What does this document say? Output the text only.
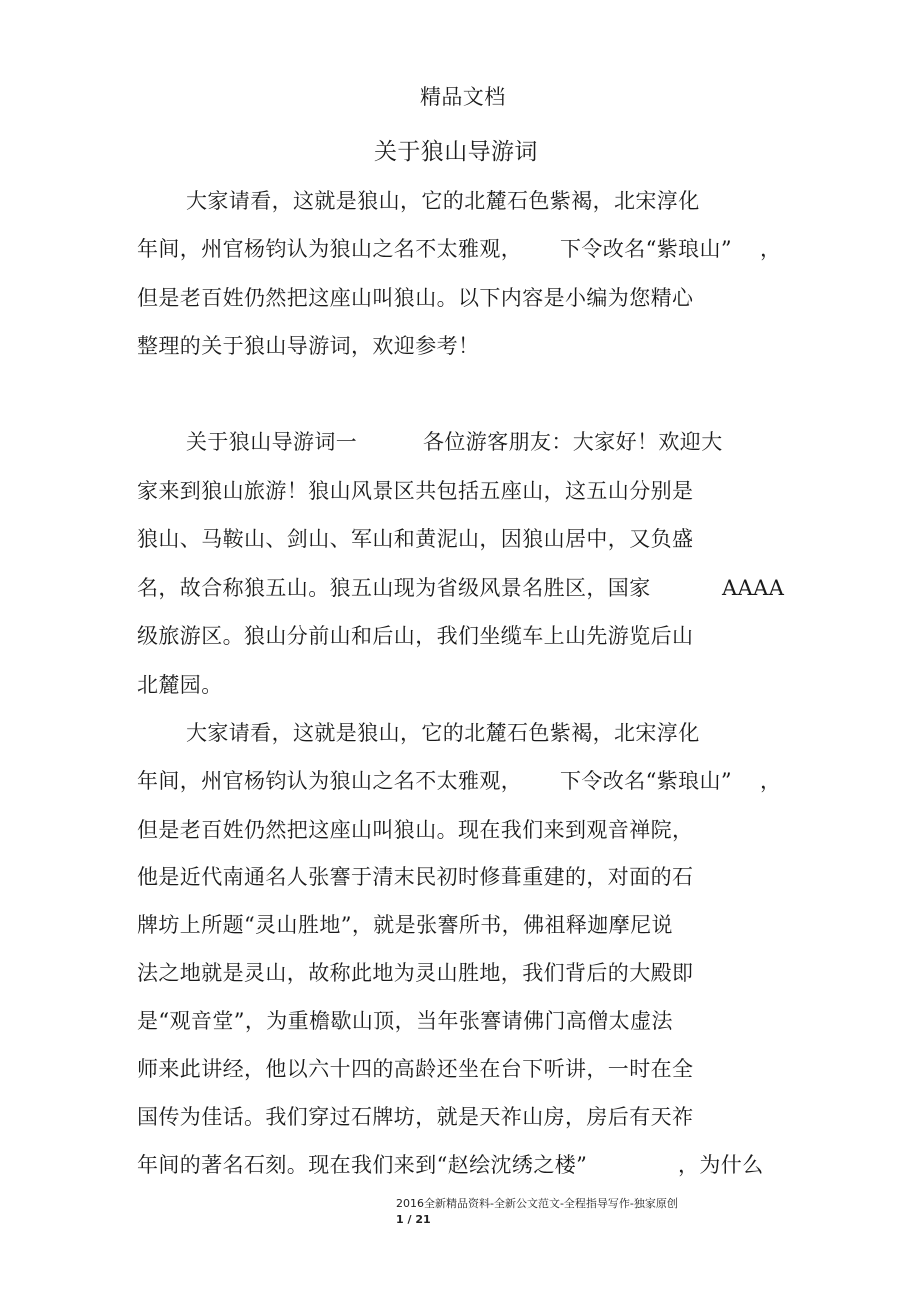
精品文档
关于狼山导游词
大家请看，这就是狼山，它的北麓石色紫褐，北宋淳化
年间，州官杨钧认为狼山之名不太雅观， 下令改名“紫琅山” ，
但是老百姓仍然把这座山叫狼山。以下内容是小编为您精心
整理的关于狼山导游词，欢迎参考！
关于狼山导游词一	各位游客朋友：大家好！欢迎大
家来到狼山旅游！狼山风景区共包括五座山，这五山分别是
狼山、马鞍山、剑山、军山和黄泥山，因狼山居中，又负盛
名，故合称狼五山。狼五山现为省级风景名胜区，国家	AAAA
级旅游区。狼山分前山和后山，我们坐缆车上山先游览后山
北麓园。
大家请看，这就是狼山，它的北麓石色紫褐，北宋淳化
年间，州官杨钧认为狼山之名不太雅观， 下令改名“紫琅山” ，
但是老百姓仍然把这座山叫狼山。现在我们来到观音禅院，
他是近代南通名人张謇于清末民初时修葺重建的，对面的石
牌坊上所题“灵山胜地”，就是张謇所书，佛祖释迦摩尼说
法之地就是灵山，故称此地为灵山胜地，我们背后的大殿即
是“观音堂”，为重檐歇山顶，当年张謇请佛门高僧太虚法
师来此讲经，他以六十四的高龄还坐在台下听讲，一时在全
国传为佳话。我们穿过石牌坊，就是天祚山房，房后有天祚
年间的著名石刻。现在我们来到“赵绘沈绣之楼”	，为什么
2016全新精品资料-全新公文范文-全程指导写作-独家原创
1 / 21
